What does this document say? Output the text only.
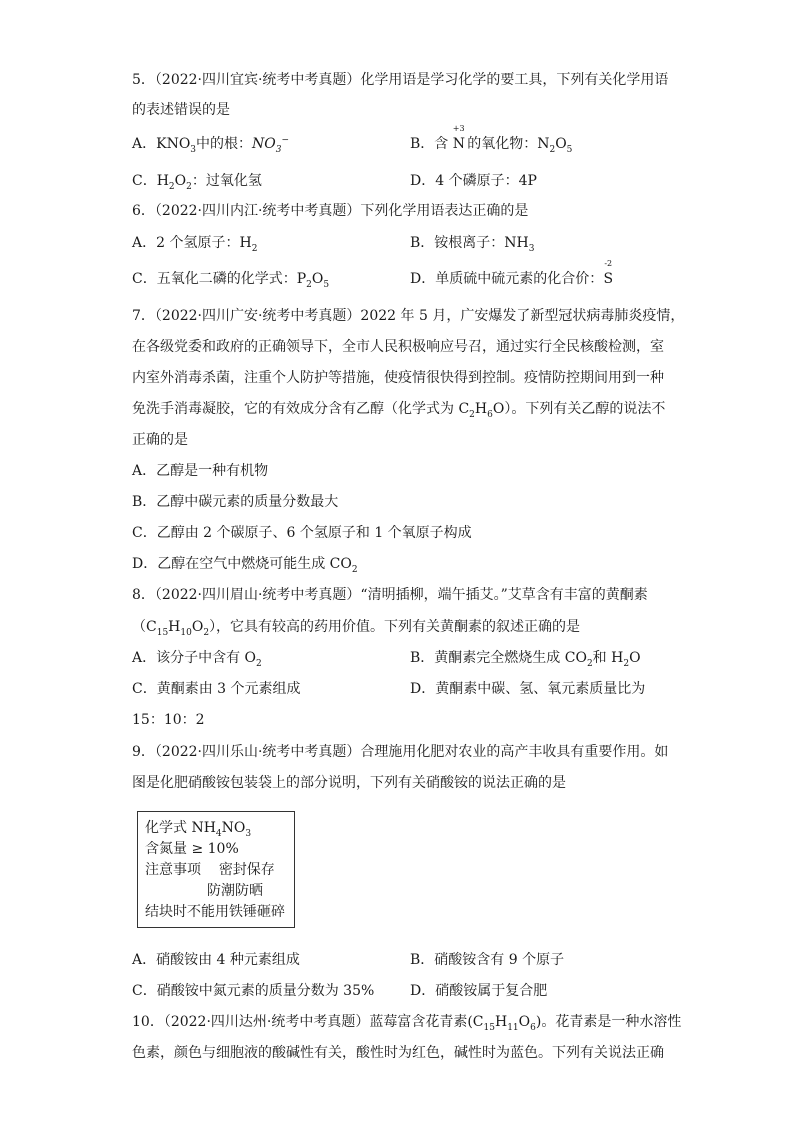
5．（2022·四川宜宾·统考中考真题）化学用语是学习化学的要工具，下列有关化学用语
的表述错误的是
A．$KNO_3$中的根：$NO_3^-$	B．含
+3
N 的氧化物：$N_2O_5$
C．$H_2O_2$：过氧化氢	D．4 个磷原子：4P
6．（2022·四川内江·统考中考真题）下列化学用语表达正确的是
A．2 个氢原子：$H_2$	B．铵根离子：$NH_3$
C．五氧化二磷的化学式：$P_2O_5$	D．单质硫中硫元素的化合价：
-2
S
7．（2022·四川广安·统考中考真题）2022 年 5 月，广安爆发了新型冠状病毒肺炎疫情，
在各级党委和政府的正确领导下，全市人民积极响应号召，通过实行全民核酸检测，室
内室外消毒杀菌，注重个人防护等措施，使疫情很快得到控制。疫情防控期间用到一种
免洗手消毒凝胶，它的有效成分含有乙醇（化学式为 $C_2H_6O$）。下列有关乙醇的说法不
正确的是
A．乙醇是一种有机物
B．乙醇中碳元素的质量分数最大
C．乙醇由 2 个碳原子、6 个氢原子和 1 个氧原子构成
D．乙醇在空气中燃烧可能生成 $CO_2$
8．（2022·四川眉山·统考中考真题）“清明插柳，端午插艾。”艾草含有丰富的黄酮素
$(C_{15}H_{10}O_2)$，它具有较高的药用价值。下列有关黄酮素的叙述正确的是
A．该分子中含有 $O_2$	B．黄酮素完全燃烧生成 $CO_2$和 $H_2O$
C．黄酮素由 3 个元素组成	D．黄酮素中碳、氢、氧元素质量比为
15：10：2
9．（2022·四川乐山·统考中考真题）合理施用化肥对农业的高产丰收具有重要作用。如
图是化肥硝酸铵包装袋上的部分说明，下列有关硝酸铵的说法正确的是
化学式 $NH_4NO_3$
含氮量 ≥ 10%
注意事项 密封保存
防潮防晒
结块时不能用铁锤砸碎
A．硝酸铵由 4 种元素组成	B．硝酸铵含有 9 个原子
C．硝酸铵中氮元素的质量分数为 35%	D．硝酸铵属于复合肥
10．（2022·四川达州·统考中考真题）蓝莓富含花青素$(C_{15}H_{11}O_6)$。花青素是一种水溶性
色素，颜色与细胞液的酸碱性有关，酸性时为红色，碱性时为蓝色。下列有关说法正确
